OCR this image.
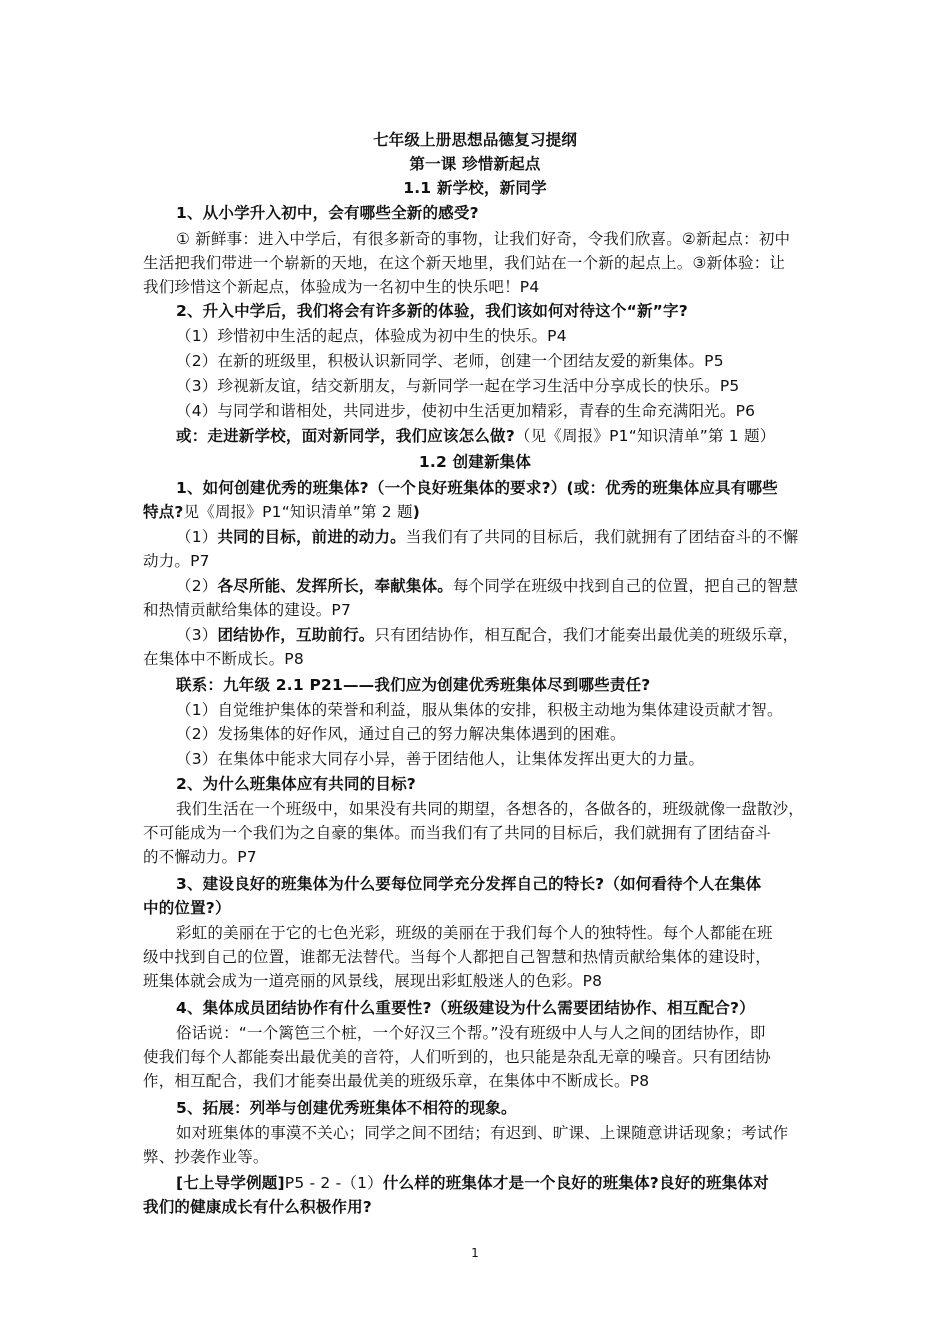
七年级上册思想品德复习提纲
第一课 珍惜新起点
1.1 新学校，新同学
1、从小学升入初中，会有哪些全新的感受?
① 新鲜事：进入中学后，有很多新奇的事物，让我们好奇，令我们欣喜。②新起点：初中
生活把我们带进一个崭新的天地，在这个新天地里，我们站在一个新的起点上。③新体验：让
我们珍惜这个新起点，体验成为一名初中生的快乐吧！P4
2、升入中学后，我们将会有许多新的体验，我们该如何对待这个“新”字?
（1）珍惜初中生活的起点，体验成为初中生的快乐。P4
（2）在新的班级里，积极认识新同学、老师，创建一个团结友爱的新集体。P5
（3）珍视新友谊，结交新朋友，与新同学一起在学习生活中分享成长的快乐。P5
（4）与同学和谐相处，共同进步，使初中生活更加精彩，青春的生命充满阳光。P6
或：走进新学校，面对新同学，我们应该怎么做?（见《周报》P1“知识清单”第 1 题）
1.2 创建新集体
1、如何创建优秀的班集体?（一个良好班集体的要求?）(或：优秀的班集体应具有哪些
特点?见《周报》P1“知识清单”第 2 题)
（1）共同的目标，前进的动力。当我们有了共同的目标后，我们就拥有了团结奋斗的不懈
动力。P7
（2）各尽所能、发挥所长，奉献集体。每个同学在班级中找到自己的位置，把自己的智慧
和热情贡献给集体的建设。P7
（3）团结协作，互助前行。只有团结协作，相互配合，我们才能奏出最优美的班级乐章，
在集体中不断成长。P8
联系：九年级 2.1 P21——我们应为创建优秀班集体尽到哪些责任?
（1）自觉维护集体的荣誉和利益，服从集体的安排，积极主动地为集体建设贡献才智。
（2）发扬集体的好作风，通过自己的努力解决集体遇到的困难。
（3）在集体中能求大同存小异，善于团结他人，让集体发挥出更大的力量。
2、为什么班集体应有共同的目标?
我们生活在一个班级中，如果没有共同的期望，各想各的，各做各的，班级就像一盘散沙，
不可能成为一个我们为之自豪的集体。而当我们有了共同的目标后，我们就拥有了团结奋斗
的不懈动力。P7
3、建设良好的班集体为什么要每位同学充分发挥自己的特长?（如何看待个人在集体
中的位置?）
彩虹的美丽在于它的七色光彩，班级的美丽在于我们每个人的独特性。每个人都能在班
级中找到自己的位置，谁都无法替代。当每个人都把自己智慧和热情贡献给集体的建设时，
班集体就会成为一道亮丽的风景线，展现出彩虹般迷人的色彩。P8
4、集体成员团结协作有什么重要性?（班级建设为什么需要团结协作、相互配合?）
俗话说：“一个篱笆三个桩，一个好汉三个帮。”没有班级中人与人之间的团结协作，即
使我们每个人都能奏出最优美的音符，人们听到的，也只能是杂乱无章的噪音。只有团结协
作，相互配合，我们才能奏出最优美的班级乐章，在集体中不断成长。P8
5、拓展：列举与创建优秀班集体不相符的现象。
如对班集体的事漠不关心；同学之间不团结；有迟到、旷课、上课随意讲话现象；考试作
弊、抄袭作业等。
[七上导学例题]P5 - 2 -（1）什么样的班集体才是一个良好的班集体?良好的班集体对
我们的健康成长有什么积极作用?
1
